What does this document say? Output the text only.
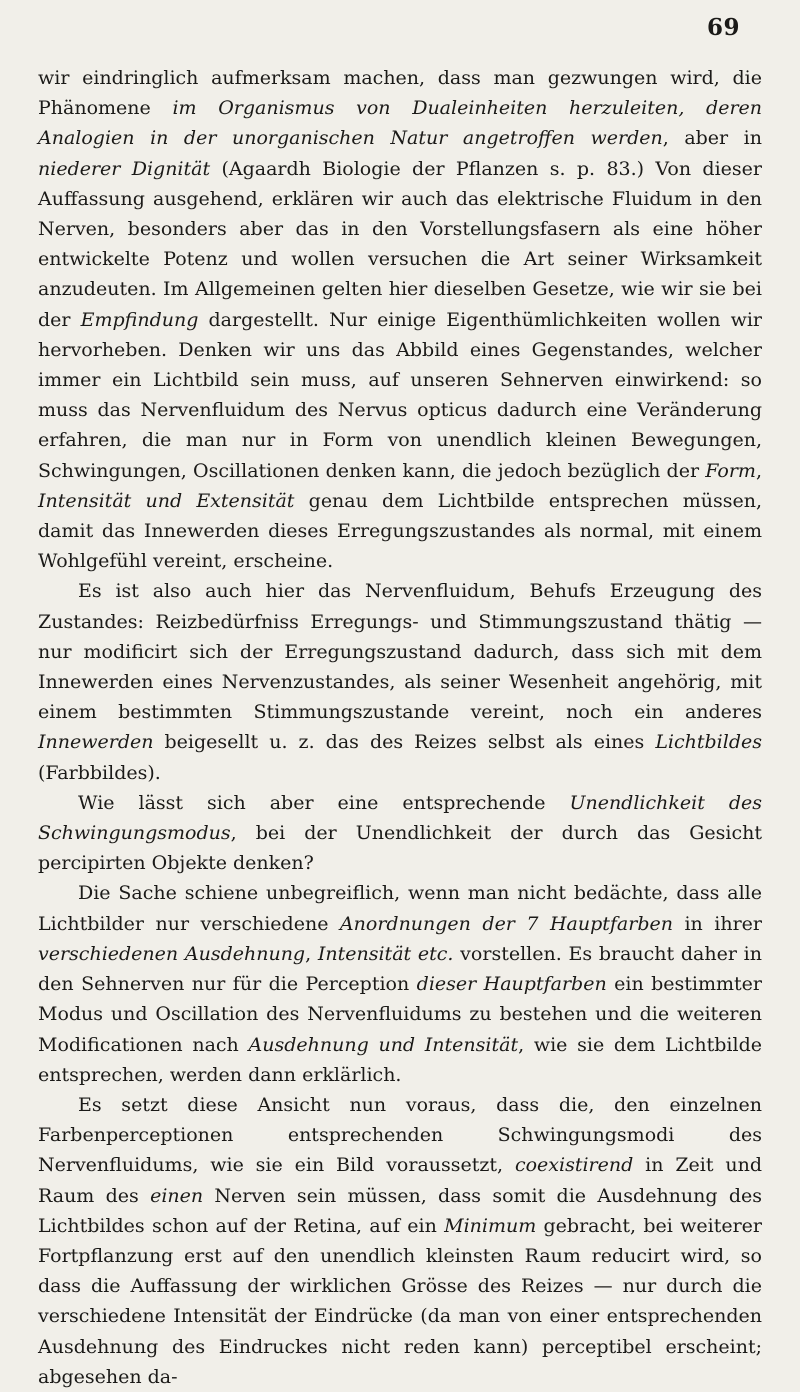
69

wir eindringlich aufmerksam machen, dass man gezwungen wird, die Phänomene im Organismus von Dualeinheiten herzuleiten, deren Analogien in der unorganischen Natur angetroffen werden, aber in niederer Dignität (Agaardh Biologie der Pflanzen s. p. 83.) Von dieser Auffassung ausgehend, erklären wir auch das elektrische Fluidum in den Nerven, besonders aber das in den Vorstellungsfasern als eine höher entwickelte Potenz und wollen versuchen die Art seiner Wirksamkeit anzudeuten. Im Allgemeinen gelten hier dieselben Gesetze, wie wir sie bei der Empfindung dargestellt. Nur einige Eigenthümlichkeiten wollen wir hervorheben. Denken wir uns das Abbild eines Gegenstandes, welcher immer ein Lichtbild sein muss, auf unseren Sehnerven einwirkend: so muss das Nervenfluidum des Nervus opticus dadurch eine Veränderung erfahren, die man nur in Form von unendlich kleinen Bewegungen, Schwingungen, Oscillationen denken kann, die jedoch bezüglich der Form, Intensität und Extensität genau dem Lichtbilde entsprechen müssen, damit das Innewerden dieses Erregungszustandes als normal, mit einem Wohlgefühl vereint, erscheine.

Es ist also auch hier das Nervenfluidum, Behufs Erzeugung des Zustandes: Reizbedürfniss Erregungs- und Stimmungszustand thätig — nur modificirt sich der Erregungszustand dadurch, dass sich mit dem Innewerden eines Nervenzustandes, als seiner Wesenheit angehörig, mit einem bestimmten Stimmungszustande vereint, noch ein anderes Innewerden beigesellt u. z. das des Reizes selbst als eines Lichtbildes (Farbbildes).

Wie lässt sich aber eine entsprechende Unendlichkeit des Schwingungsmodus, bei der Unendlichkeit der durch das Gesicht percipirten Objekte denken?

Die Sache schiene unbegreiflich, wenn man nicht bedächte, dass alle Lichtbilder nur verschiedene Anordnungen der 7 Hauptfarben in ihrer verschiedenen Ausdehnung, Intensität etc. vorstellen. Es braucht daher in den Sehnerven nur für die Perception dieser Hauptfarben ein bestimmter Modus und Oscillation des Nervenfluidums zu bestehen und die weiteren Modificationen nach Ausdehnung und Intensität, wie sie dem Lichtbilde entsprechen, werden dann erklärlich.

Es setzt diese Ansicht nun voraus, dass die, den einzelnen Farbenperceptionen entsprechenden Schwingungsmodi des Nervenfluidums, wie sie ein Bild voraussetzt, coexistirend in Zeit und Raum des einen Nerven sein müssen, dass somit die Ausdehnung des Lichtbildes schon auf der Retina, auf ein Minimum gebracht, bei weiterer Fortpflanzung erst auf den unendlich kleinsten Raum reducirt wird, so dass die Auffassung der wirklichen Grösse des Reizes — nur durch die verschiedene Intensität der Eindrücke (da man von einer entsprechenden Ausdehnung des Eindruckes nicht reden kann) perceptibel erscheint; abgesehen da-
